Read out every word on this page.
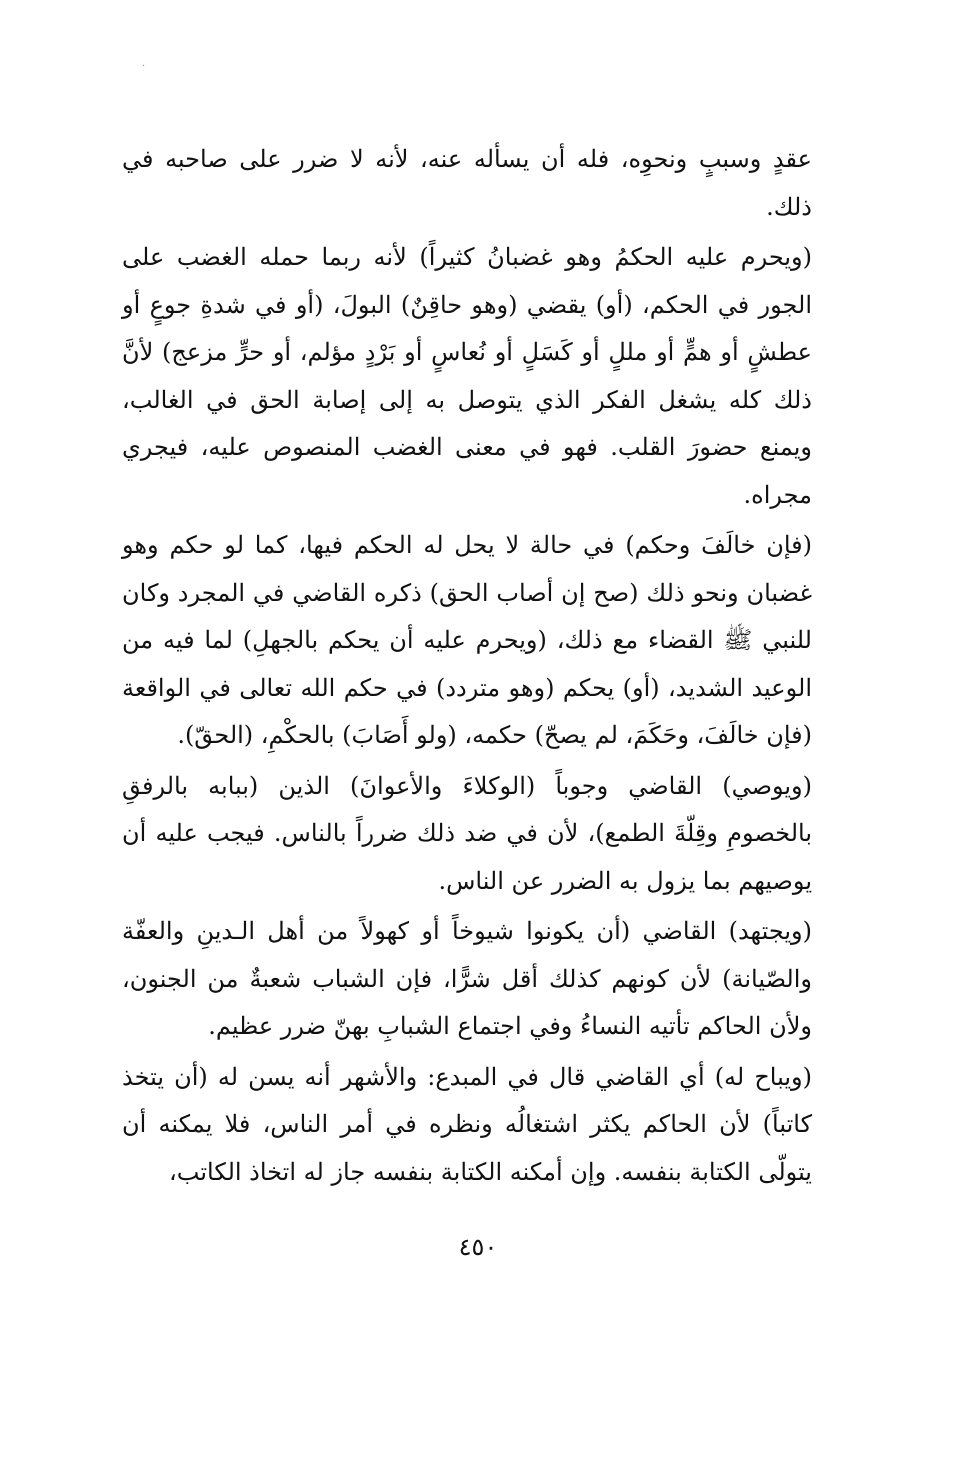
·

عقدٍ وسببٍ ونحوِه، فله أن يسأله عنه، لأنه لا ضرر على صاحبه في ذلك.

(ويحرم عليه الحكمُ وهو غضبانُ كثيراً) لأنه ربما حمله الغضب على الجور في الحكم، (أو) يقضي (وهو حاقِنٌ) البولَ، (أو في شدةِ جوعٍ أو عطشٍ أو همٍّ أو مللٍ أو كَسَلٍ أو نُعاسٍ أو بَرْدٍ مؤلم، أو حرٍّ مزعج) لأنَّ ذلك كله يشغل الفكر الذي يتوصل به إلى إصابة الحق في الغالب، ويمنع حضورَ القلب. فهو في معنى الغضب المنصوص عليه، فيجري مجراه.

(فإن خالَفَ وحكم) في حالة لا يحل له الحكم فيها، كما لو حكم وهو غضبان ونحو ذلك (صح إن أصاب الحق) ذكره القاضي في المجرد وكان للنبي ﷺ القضاء مع ذلك، (ويحرم عليه أن يحكم بالجهلِ) لما فيه من الوعيد الشديد، (أو) يحكم (وهو متردد) في حكم الله تعالى في الواقعة (فإن خالَفَ، وحَكَمَ، لم يصحّ) حكمه، (ولو أَصَابَ) بالحكْمِ، (الحقّ).

(ويوصي) القاضي وجوباً (الوكلاءَ والأعوانَ) الذين (ببابه بالرفقِ بالخصومِ وقِلّةَ الطمع)، لأن في ضد ذلك ضرراً بالناس. فيجب عليه أن يوصيهم بما يزول به الضرر عن الناس.

(ويجتهد) القاضي (أن يكونوا شيوخاً أو كهولاً من أهل الـدينِ والعفّة والصّيانة) لأن كونهم كذلك أقل شرًّا، فإن الشباب شعبةٌ من الجنون، ولأن الحاكم تأتيه النساءُ وفي اجتماع الشبابِ بهنّ ضرر عظيم.

(ويباح له) أي القاضي قال في المبدع: والأشهر أنه يسن له (أن يتخذ كاتباً) لأن الحاكم يكثر اشتغالُه ونظره في أمر الناس، فلا يمكنه أن يتولّى الكتابة بنفسه. وإن أمكنه الكتابة بنفسه جاز له اتخاذ الكاتب،

٤٥٠
